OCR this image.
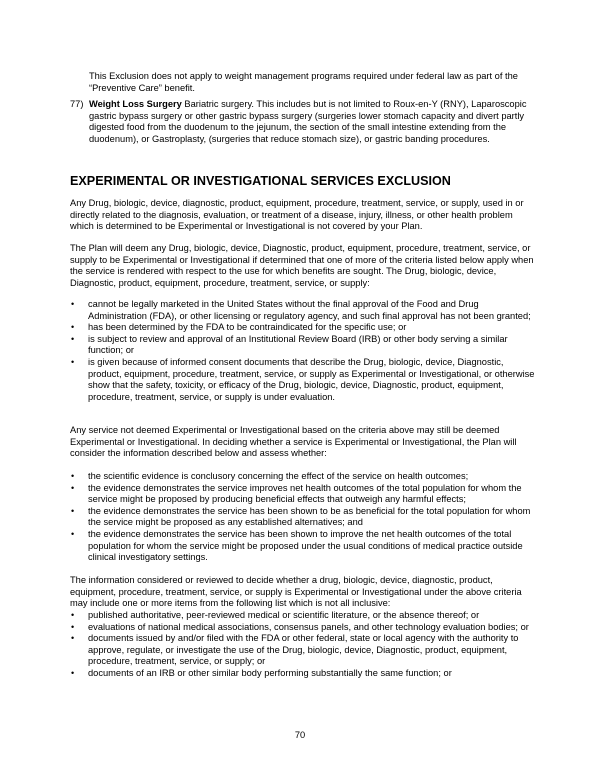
This Exclusion does not apply to weight management programs required under federal law as part of the “Preventive Care” benefit.

77) Weight Loss Surgery Bariatric surgery. This includes but is not limited to Roux-en-Y (RNY), Laparoscopic gastric bypass surgery or other gastric bypass surgery (surgeries lower stomach capacity and divert partly digested food from the duodenum to the jejunum, the section of the small intestine extending from the duodenum), or Gastroplasty, (surgeries that reduce stomach size), or gastric banding procedures.
EXPERIMENTAL OR INVESTIGATIONAL SERVICES EXCLUSION

Any Drug, biologic, device, diagnostic, product, equipment, procedure, treatment, service, or supply, used in or directly related to the diagnosis, evaluation, or treatment of a disease, injury, illness, or other health problem which is determined to be Experimental or Investigational is not covered by your Plan.

The Plan will deem any Drug, biologic, device, Diagnostic, product, equipment, procedure, treatment, service, or supply to be Experimental or Investigational if determined that one of more of the criteria listed below apply when the service is rendered with respect to the use for which benefits are sought. The Drug, biologic, device, Diagnostic, product, equipment, procedure, treatment, service, or supply:

• cannot be legally marketed in the United States without the final approval of the Food and Drug Administration (FDA), or other licensing or regulatory agency, and such final approval has not been granted;
• has been determined by the FDA to be contraindicated for the specific use; or
• is subject to review and approval of an Institutional Review Board (IRB) or other body serving a similar function; or
• is given because of informed consent documents that describe the Drug, biologic, device, Diagnostic, product, equipment, procedure, treatment, service, or supply as Experimental or Investigational, or otherwise show that the safety, toxicity, or efficacy of the Drug, biologic, device, Diagnostic, product, equipment, procedure, treatment, service, or supply is under evaluation.

Any service not deemed Experimental or Investigational based on the criteria above may still be deemed Experimental or Investigational. In deciding whether a service is Experimental or Investigational, the Plan will consider the information described below and assess whether:

• the scientific evidence is conclusory concerning the effect of the service on health outcomes;
• the evidence demonstrates the service improves net health outcomes of the total population for whom the service might be proposed by producing beneficial effects that outweigh any harmful effects;
• the evidence demonstrates the service has been shown to be as beneficial for the total population for whom the service might be proposed as any established alternatives; and
• the evidence demonstrates the service has been shown to improve the net health outcomes of the total population for whom the service might be proposed under the usual conditions of medical practice outside clinical investigatory settings.

The information considered or reviewed to decide whether a drug, biologic, device, diagnostic, product, equipment, procedure, treatment, service, or supply is Experimental or Investigational under the above criteria may include one or more items from the following list which is not all inclusive:

• published authoritative, peer-reviewed medical or scientific literature, or the absence thereof; or
• evaluations of national medical associations, consensus panels, and other technology evaluation bodies; or
• documents issued by and/or filed with the FDA or other federal, state or local agency with the authority to approve, regulate, or investigate the use of the Drug, biologic, device, Diagnostic, product, equipment, procedure, treatment, service, or supply; or
• documents of an IRB or other similar body performing substantially the same function; or
70
